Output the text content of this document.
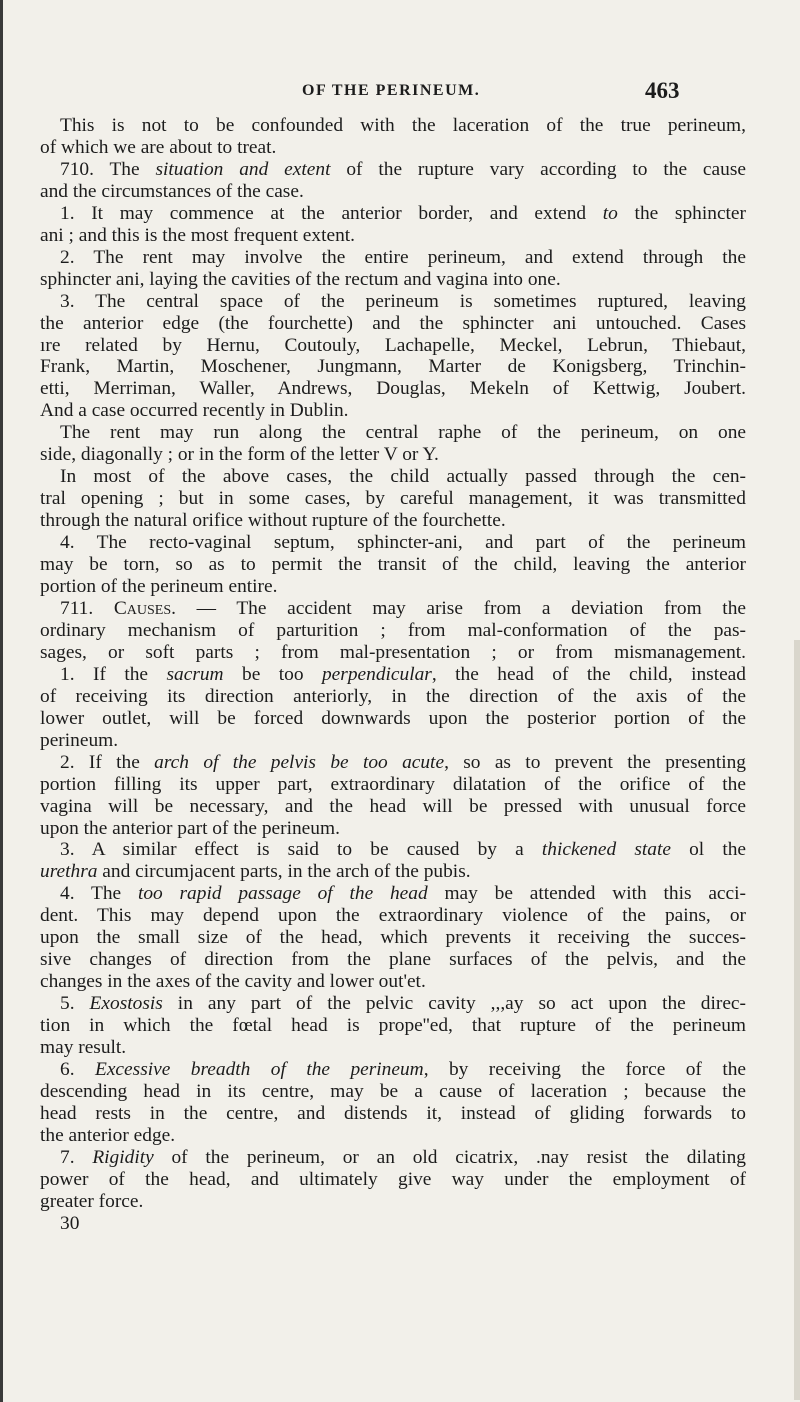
OF THE PERINEUM.	463
This is not to be confounded with the laceration of the true perineum,
of which we are about to treat.
710. The situation and extent of the rupture vary according to the cause
and the circumstances of the case.
1. It may commence at the anterior border, and extend to the sphincter
ani ; and this is the most frequent extent.
2. The rent may involve the entire perineum, and extend through the
sphincter ani, laying the cavities of the rectum and vagina into one.
3. The central space of the perineum is sometimes ruptured, leaving
the anterior edge (the fourchette) and the sphincter ani untouched. Cases
ıre related by Hernu, Coutouly, Lachapelle, Meckel, Lebrun, Thiebaut,
Frank, Martin, Moschener, Jungmann, Marter de Konigsberg, Trinchin-
etti, Merriman, Waller, Andrews, Douglas, Mekeln of Kettwig, Joubert.
And a case occurred recently in Dublin.
The rent may run along the central raphe of the perineum, on one
side, diagonally ; or in the form of the letter V or Y.
In most of the above cases, the child actually passed through the cen-
tral opening ; but in some cases, by careful management, it was transmitted
through the natural orifice without rupture of the fourchette.
4. The recto-vaginal septum, sphincter-ani, and part of the perineum
may be torn, so as to permit the transit of the child, leaving the anterior
portion of the perineum entire.
711. Causes. — The accident may arise from a deviation from the
ordinary mechanism of parturition ; from mal-conformation of the pas-
sages, or soft parts ; from mal-presentation ; or from mismanagement.
1. If the sacrum be too perpendicular, the head of the child, instead
of receiving its direction anteriorly, in the direction of the axis of the
lower outlet, will be forced downwards upon the posterior portion of the
perineum.
2. If the arch of the pelvis be too acute, so as to prevent the presenting
portion filling its upper part, extraordinary dilatation of the orifice of the
vagina will be necessary, and the head will be pressed with unusual force
upon the anterior part of the perineum.
3. A similar effect is said to be caused by a thickened state ol the
urethra and circumjacent parts, in the arch of the pubis.
4. The too rapid passage of the head may be attended with this acci-
dent. This may depend upon the extraordinary violence of the pains, or
upon the small size of the head, which prevents it receiving the succes-
sive changes of direction from the plane surfaces of the pelvis, and the
changes in the axes of the cavity and lower out'et.
5. Exostosis in any part of the pelvic cavity ,,,ay so act upon the direc-
tion in which the fœtal head is prope''ed, that rupture of the perineum
may result.
6. Excessive breadth of the perineum, by receiving the force of the
descending head in its centre, may be a cause of laceration ; because the
head rests in the centre, and distends it, instead of gliding forwards to
the anterior edge.
7. Rigidity of the perineum, or an old cicatrix, .nay resist the dilating
power of the head, and ultimately give way under the employment of
greater force.
30
